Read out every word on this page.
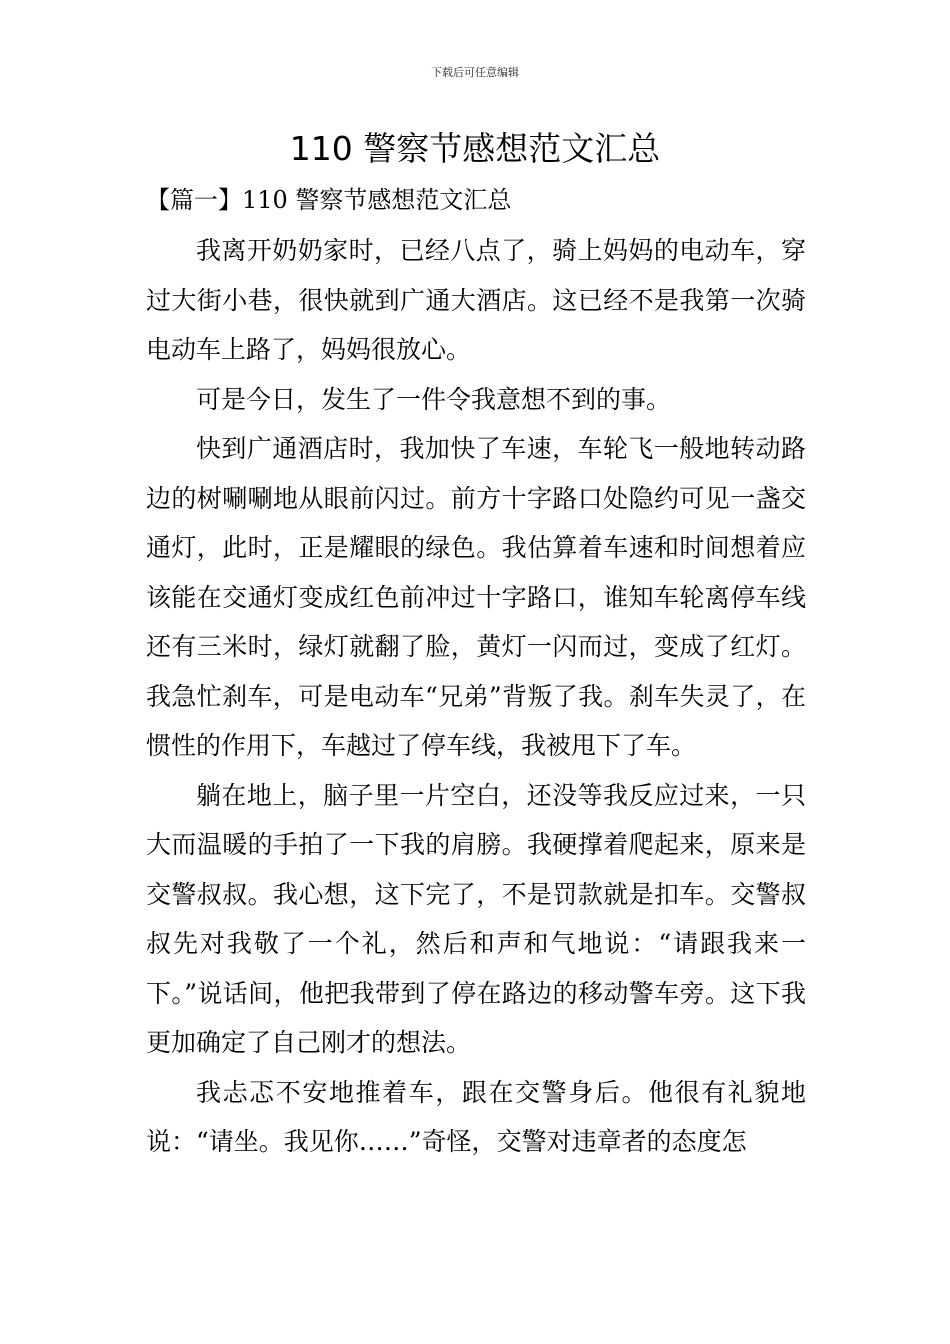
下载后可任意编辑
110 警察节感想范文汇总
【篇一】110 警察节感想范文汇总

我离开奶奶家时，已经八点了，骑上妈妈的电动车，穿过大街小巷，很快就到广通大酒店。这已经不是我第一次骑电动车上路了，妈妈很放心。

可是今日，发生了一件令我意想不到的事。

快到广通酒店时，我加快了车速，车轮飞一般地转动路边的树唰唰地从眼前闪过。前方十字路口处隐约可见一盏交通灯，此时，正是耀眼的绿色。我估算着车速和时间想着应该能在交通灯变成红色前冲过十字路口，谁知车轮离停车线还有三米时，绿灯就翻了脸，黄灯一闪而过，变成了红灯。我急忙刹车，可是电动车“兄弟”背叛了我。刹车失灵了，在惯性的作用下，车越过了停车线，我被甩下了车。

躺在地上，脑子里一片空白，还没等我反应过来，一只大而温暖的手拍了一下我的肩膀。我硬撑着爬起来，原来是交警叔叔。我心想，这下完了，不是罚款就是扣车。交警叔叔先对我敬了一个礼，然后和声和气地说：“请跟我来一下。”说话间，他把我带到了停在路边的移动警车旁。这下我更加确定了自己刚才的想法。

我忐忑不安地推着车，跟在交警身后。他很有礼貌地说：“请坐。我见你……”奇怪，交警对违章者的态度怎
